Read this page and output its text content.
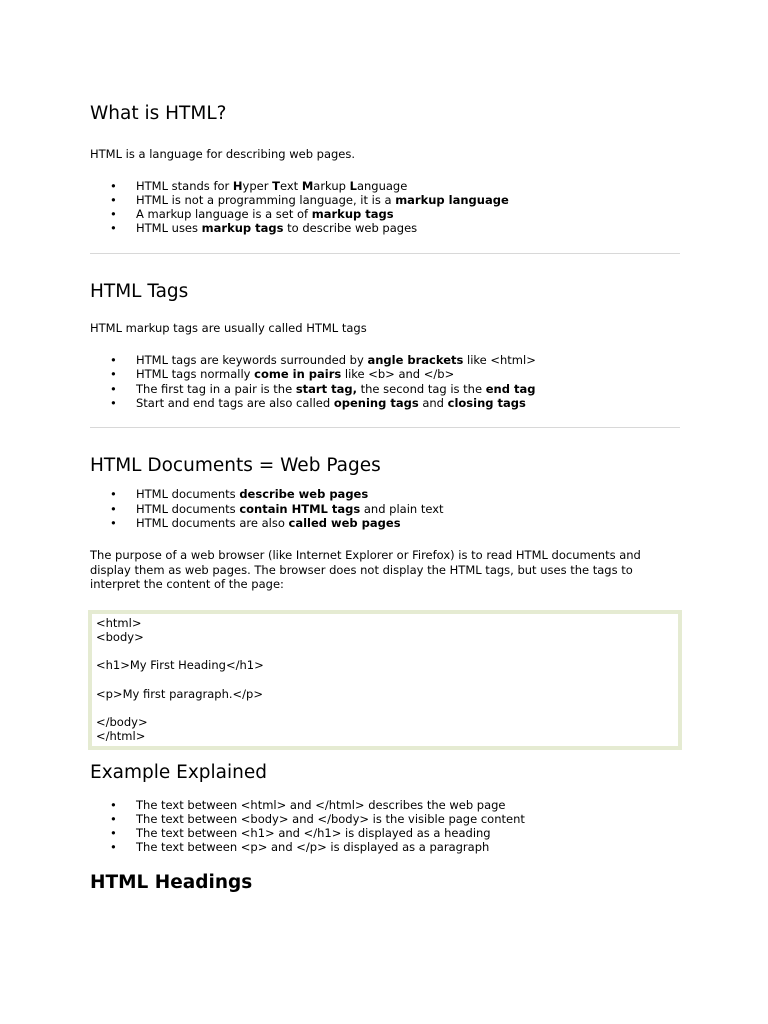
What is HTML?

HTML is a language for describing web pages.

• HTML stands for Hyper Text Markup Language
• HTML is not a programming language, it is a markup language
• A markup language is a set of markup tags
• HTML uses markup tags to describe web pages
HTML Tags

HTML markup tags are usually called HTML tags

• HTML tags are keywords surrounded by angle brackets like <html>
• HTML tags normally come in pairs like <b> and </b>
• The first tag in a pair is the start tag, the second tag is the end tag
• Start and end tags are also called opening tags and closing tags
HTML Documents = Web Pages
• HTML documents describe web pages
• HTML documents contain HTML tags and plain text
• HTML documents are also called web pages

The purpose of a web browser (like Internet Explorer or Firefox) is to read HTML documents and

display them as web pages. The browser does not display the HTML tags, but uses the tags to

interpret the content of the page:

<html>
<body>
<h1>My First Heading</h1>
<p>My first paragraph.</p>
</body>
</html>
Example Explained
• The text between <html> and </html> describes the web page
• The text between <body> and </body> is the visible page content
• The text between <h1> and </h1> is displayed as a heading
• The text between <p> and </p> is displayed as a paragraph
HTML Headings
